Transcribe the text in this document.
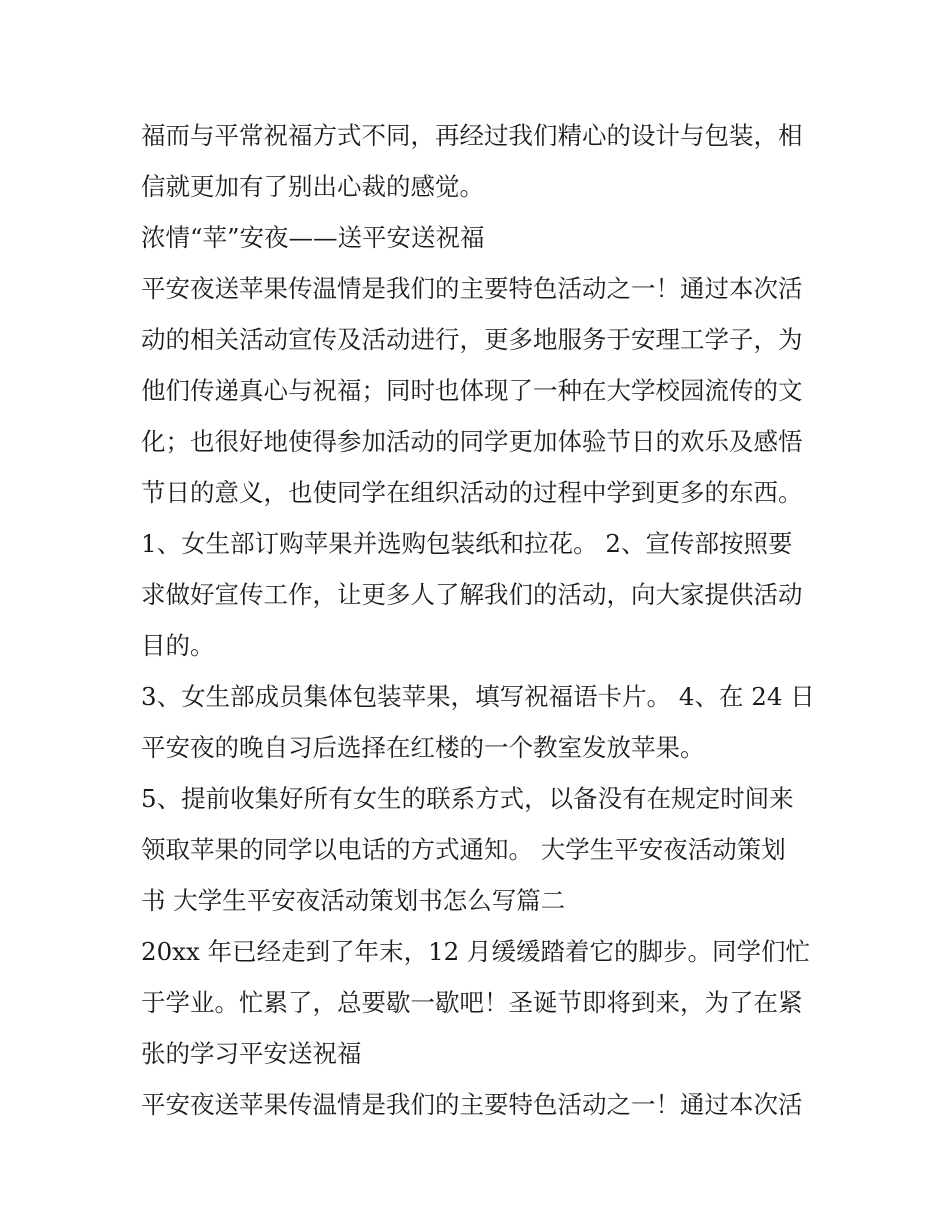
福而与平常祝福方式不同，再经过我们精心的设计与包装，相
信就更加有了别出心裁的感觉。
浓情“苹”安夜——送平安送祝福
平安夜送苹果传温情是我们的主要特色活动之一！通过本次活
动的相关活动宣传及活动进行，更多地服务于安理工学子，为
他们传递真心与祝福；同时也体现了一种在大学校园流传的文
化；也很好地使得参加活动的同学更加体验节日的欢乐及感悟
节日的意义，也使同学在组织活动的过程中学到更多的东西。
1、女生部订购苹果并选购包装纸和拉花。 2、宣传部按照要
求做好宣传工作，让更多人了解我们的活动，向大家提供活动
目的。
3、女生部成员集体包装苹果，填写祝福语卡片。 4、在 24 日
平安夜的晚自习后选择在红楼的一个教室发放苹果。
5、提前收集好所有女生的联系方式，以备没有在规定时间来
领取苹果的同学以电话的方式通知。 大学生平安夜活动策划
书 大学生平安夜活动策划书怎么写篇二
20xx 年已经走到了年末，12 月缓缓踏着它的脚步。同学们忙
于学业。忙累了，总要歇一歇吧！圣诞节即将到来，为了在紧
张的学习平安送祝福
平安夜送苹果传温情是我们的主要特色活动之一！通过本次活
